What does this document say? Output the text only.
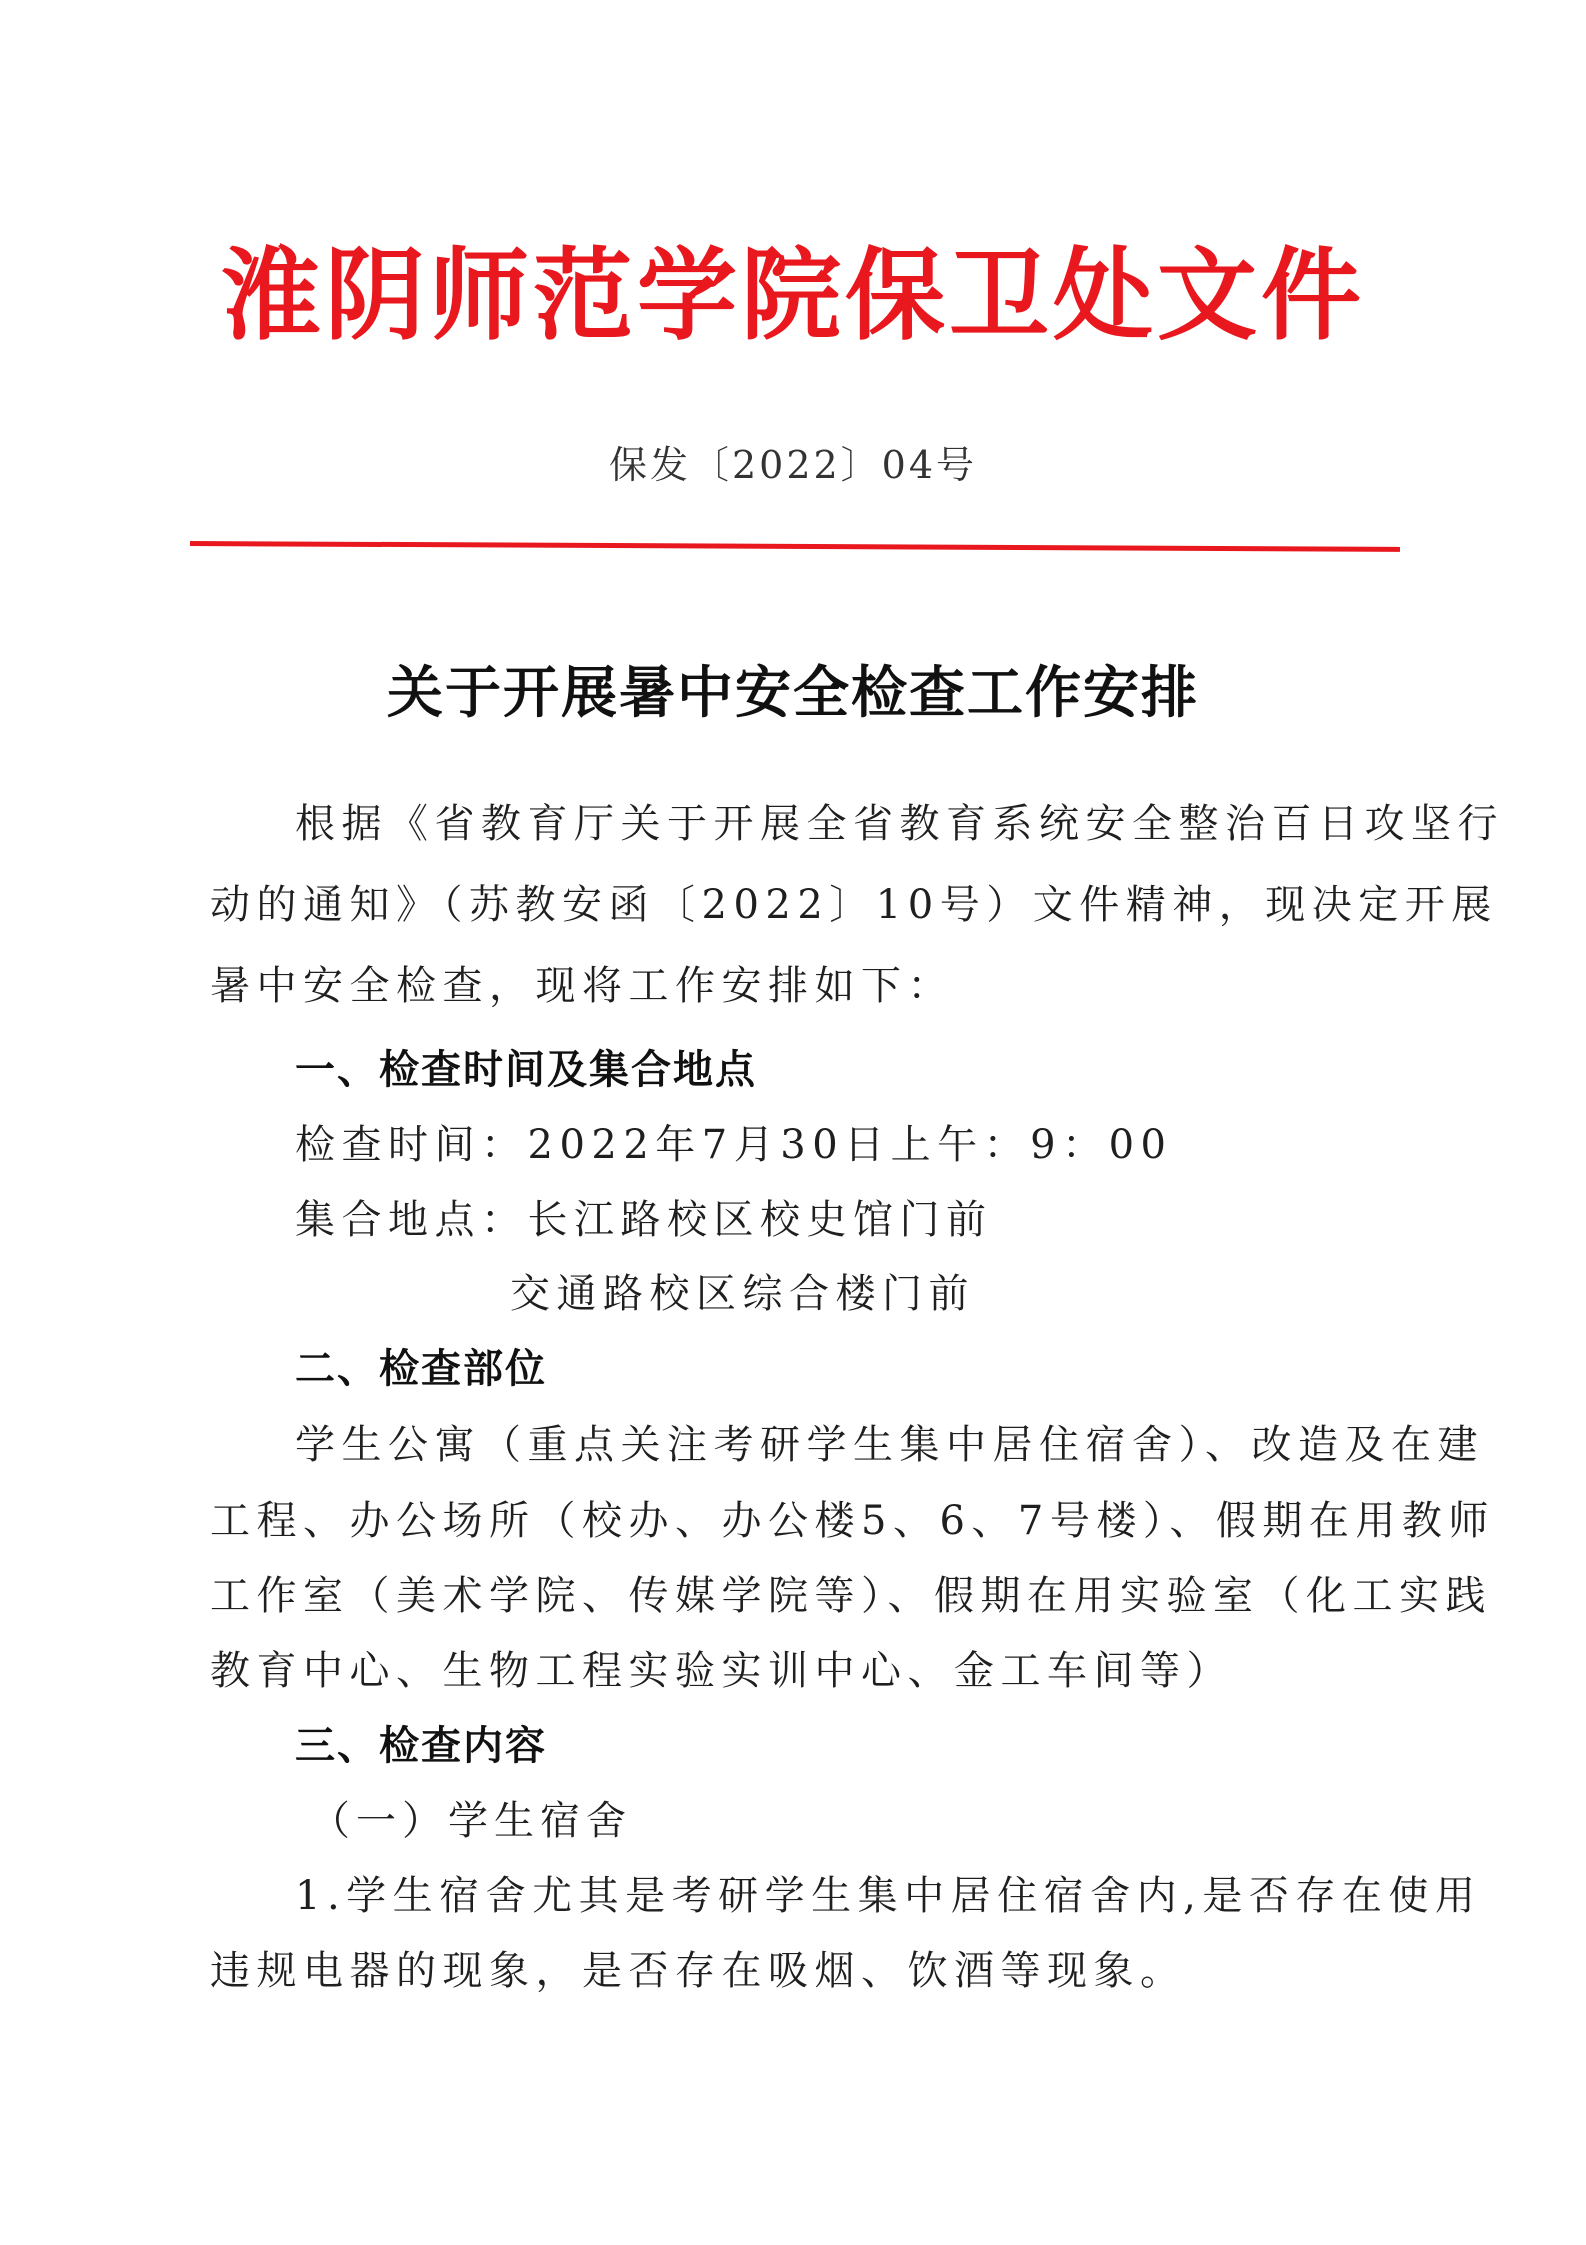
淮阴师范学院保卫处文件
保发〔2022〕04号
关于开展暑中安全检查工作安排
根据《省教育厅关于开展全省教育系统安全整治百日攻坚行
动的通知》（苏教安函〔2022〕10号）文件精神，现决定开展
暑中安全检查，现将工作安排如下：
一、检查时间及集合地点
检查时间：2022年7月30日上午：9：00
集合地点：长江路校区校史馆门前
交通路校区综合楼门前
二、检查部位
学生公寓（重点关注考研学生集中居住宿舍）、改造及在建
工程、办公场所（校办、办公楼5、6、7号楼）、假期在用教师
工作室（美术学院、传媒学院等）、假期在用实验室（化工实践
教育中心、生物工程实验实训中心、金工车间等）
三、检查内容
（一）学生宿舍
1.学生宿舍尤其是考研学生集中居住宿舍内,是否存在使用
违规电器的现象，是否存在吸烟、饮酒等现象。
